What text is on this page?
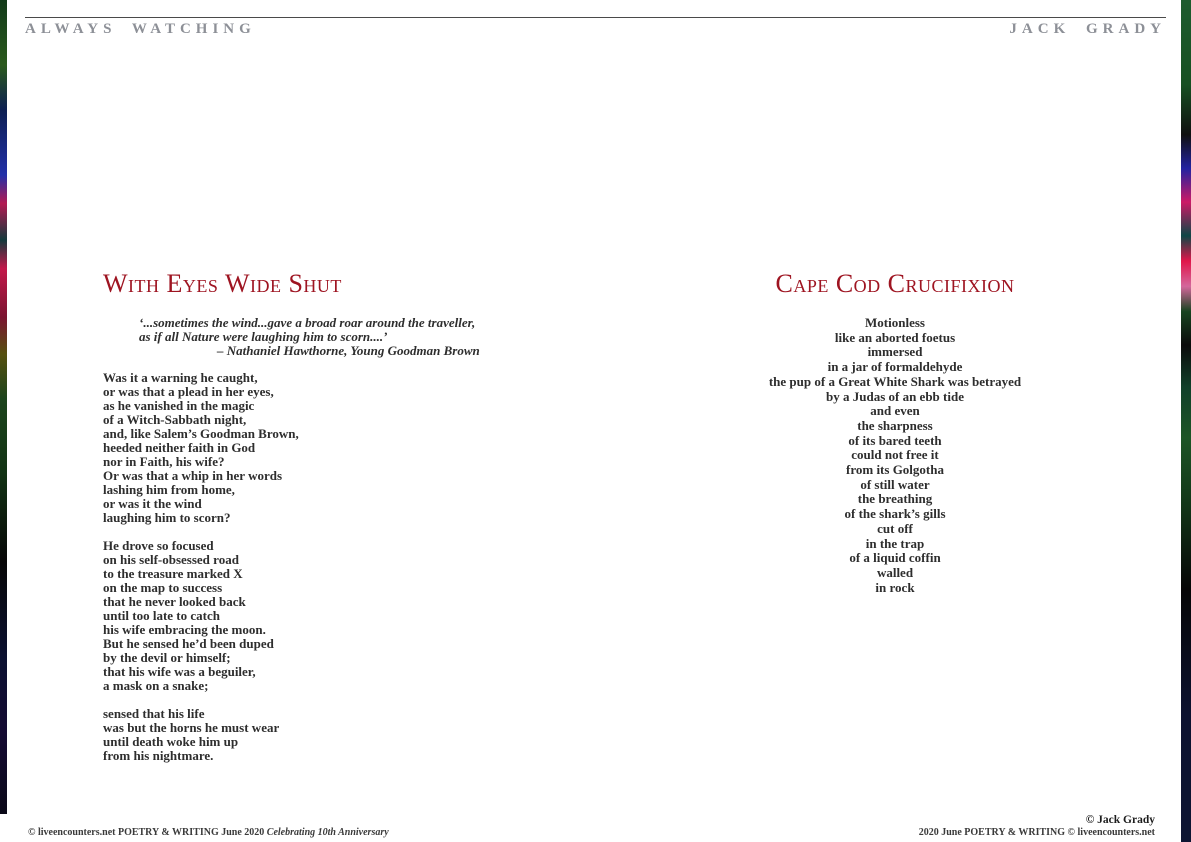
ALWAYS WATCHING	JACK GRADY
With Eyes Wide Shut
‘...sometimes the wind...gave a broad roar around the traveller,
as if all Nature were laughing him to scorn....’
– Nathaniel Hawthorne, Young Goodman Brown
Was it a warning he caught,
or was that a plead in her eyes,
as he vanished in the magic
of a Witch-Sabbath night,
and, like Salem’s Goodman Brown,
heeded neither faith in God
nor in Faith, his wife?
Or was that a whip in her words
lashing him from home,
or was it the wind
laughing him to scorn?
He drove so focused
on his self-obsessed road
to the treasure marked X
on the map to success
that he never looked back
until too late to catch
his wife embracing the moon.
But he sensed he’d been duped
by the devil or himself;
that his wife was a beguiler,
a mask on a snake;
sensed that his life
was but the horns he must wear
until death woke him up
from his nightmare.
Cape Cod Crucifixion
Motionless
like an aborted foetus
immersed
in a jar of formaldehyde
the pup of a Great White Shark was betrayed
by a Judas of an ebb tide
and even
the sharpness
of its bared teeth
could not free it
from its Golgotha
of still water
the breathing
of the shark’s gills
cut off
in the trap
of a liquid coffin
walled
in rock
© liveencounters.net POETRY & WRITING June 2020 Celebrating 10th Anniversary
© Jack Grady
2020 June POETRY & WRITING © liveencounters.net
